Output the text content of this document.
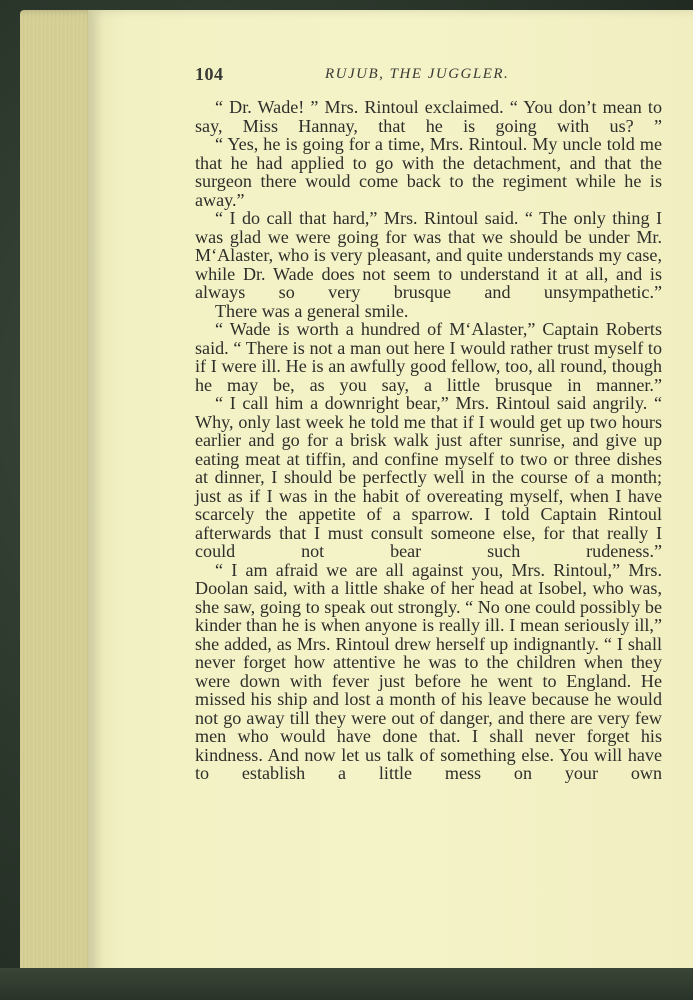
104	RUJUB, THE JUGGLER.

“ Dr. Wade! ” Mrs. Rintoul exclaimed. “ You don’t mean to say, Miss Hannay, that he is going with us? ”

“ Yes, he is going for a time, Mrs. Rintoul. My uncle told me that he had applied to go with the detachment, and that the surgeon there would come back to the regiment while he is away.”

“ I do call that hard,” Mrs. Rintoul said. “ The only thing I was glad we were going for was that we should be under Mr. M‘Alaster, who is very pleasant, and quite understands my case, while Dr. Wade does not seem to understand it at all, and is always so very brusque and unsympathetic.”

There was a general smile.

“ Wade is worth a hundred of M‘Alaster,” Captain Roberts said. “ There is not a man out here I would rather trust myself to if I were ill. He is an awfully good fellow, too, all round, though he may be, as you say, a little brusque in manner.”

“ I call him a downright bear,” Mrs. Rintoul said angrily. “ Why, only last week he told me that if I would get up two hours earlier and go for a brisk walk just after sunrise, and give up eating meat at tiffin, and confine myself to two or three dishes at dinner, I should be perfectly well in the course of a month; just as if I was in the habit of overeating myself, when I have scarcely the appetite of a sparrow. I told Captain Rintoul afterwards that I must consult someone else, for that really I could not bear such rudeness.”

“ I am afraid we are all against you, Mrs. Rintoul,” Mrs. Doolan said, with a little shake of her head at Isobel, who was, she saw, going to speak out strongly. “ No one could possibly be kinder than he is when anyone is really ill. I mean seriously ill,” she added, as Mrs. Rintoul drew herself up indignantly. “ I shall never forget how attentive he was to the children when they were down with fever just before he went to England. He missed his ship and lost a month of his leave because he would not go away till they were out of danger, and there are very few men who would have done that. I shall never forget his kindness. And now let us talk of something else. You will have to establish a little mess on your own
